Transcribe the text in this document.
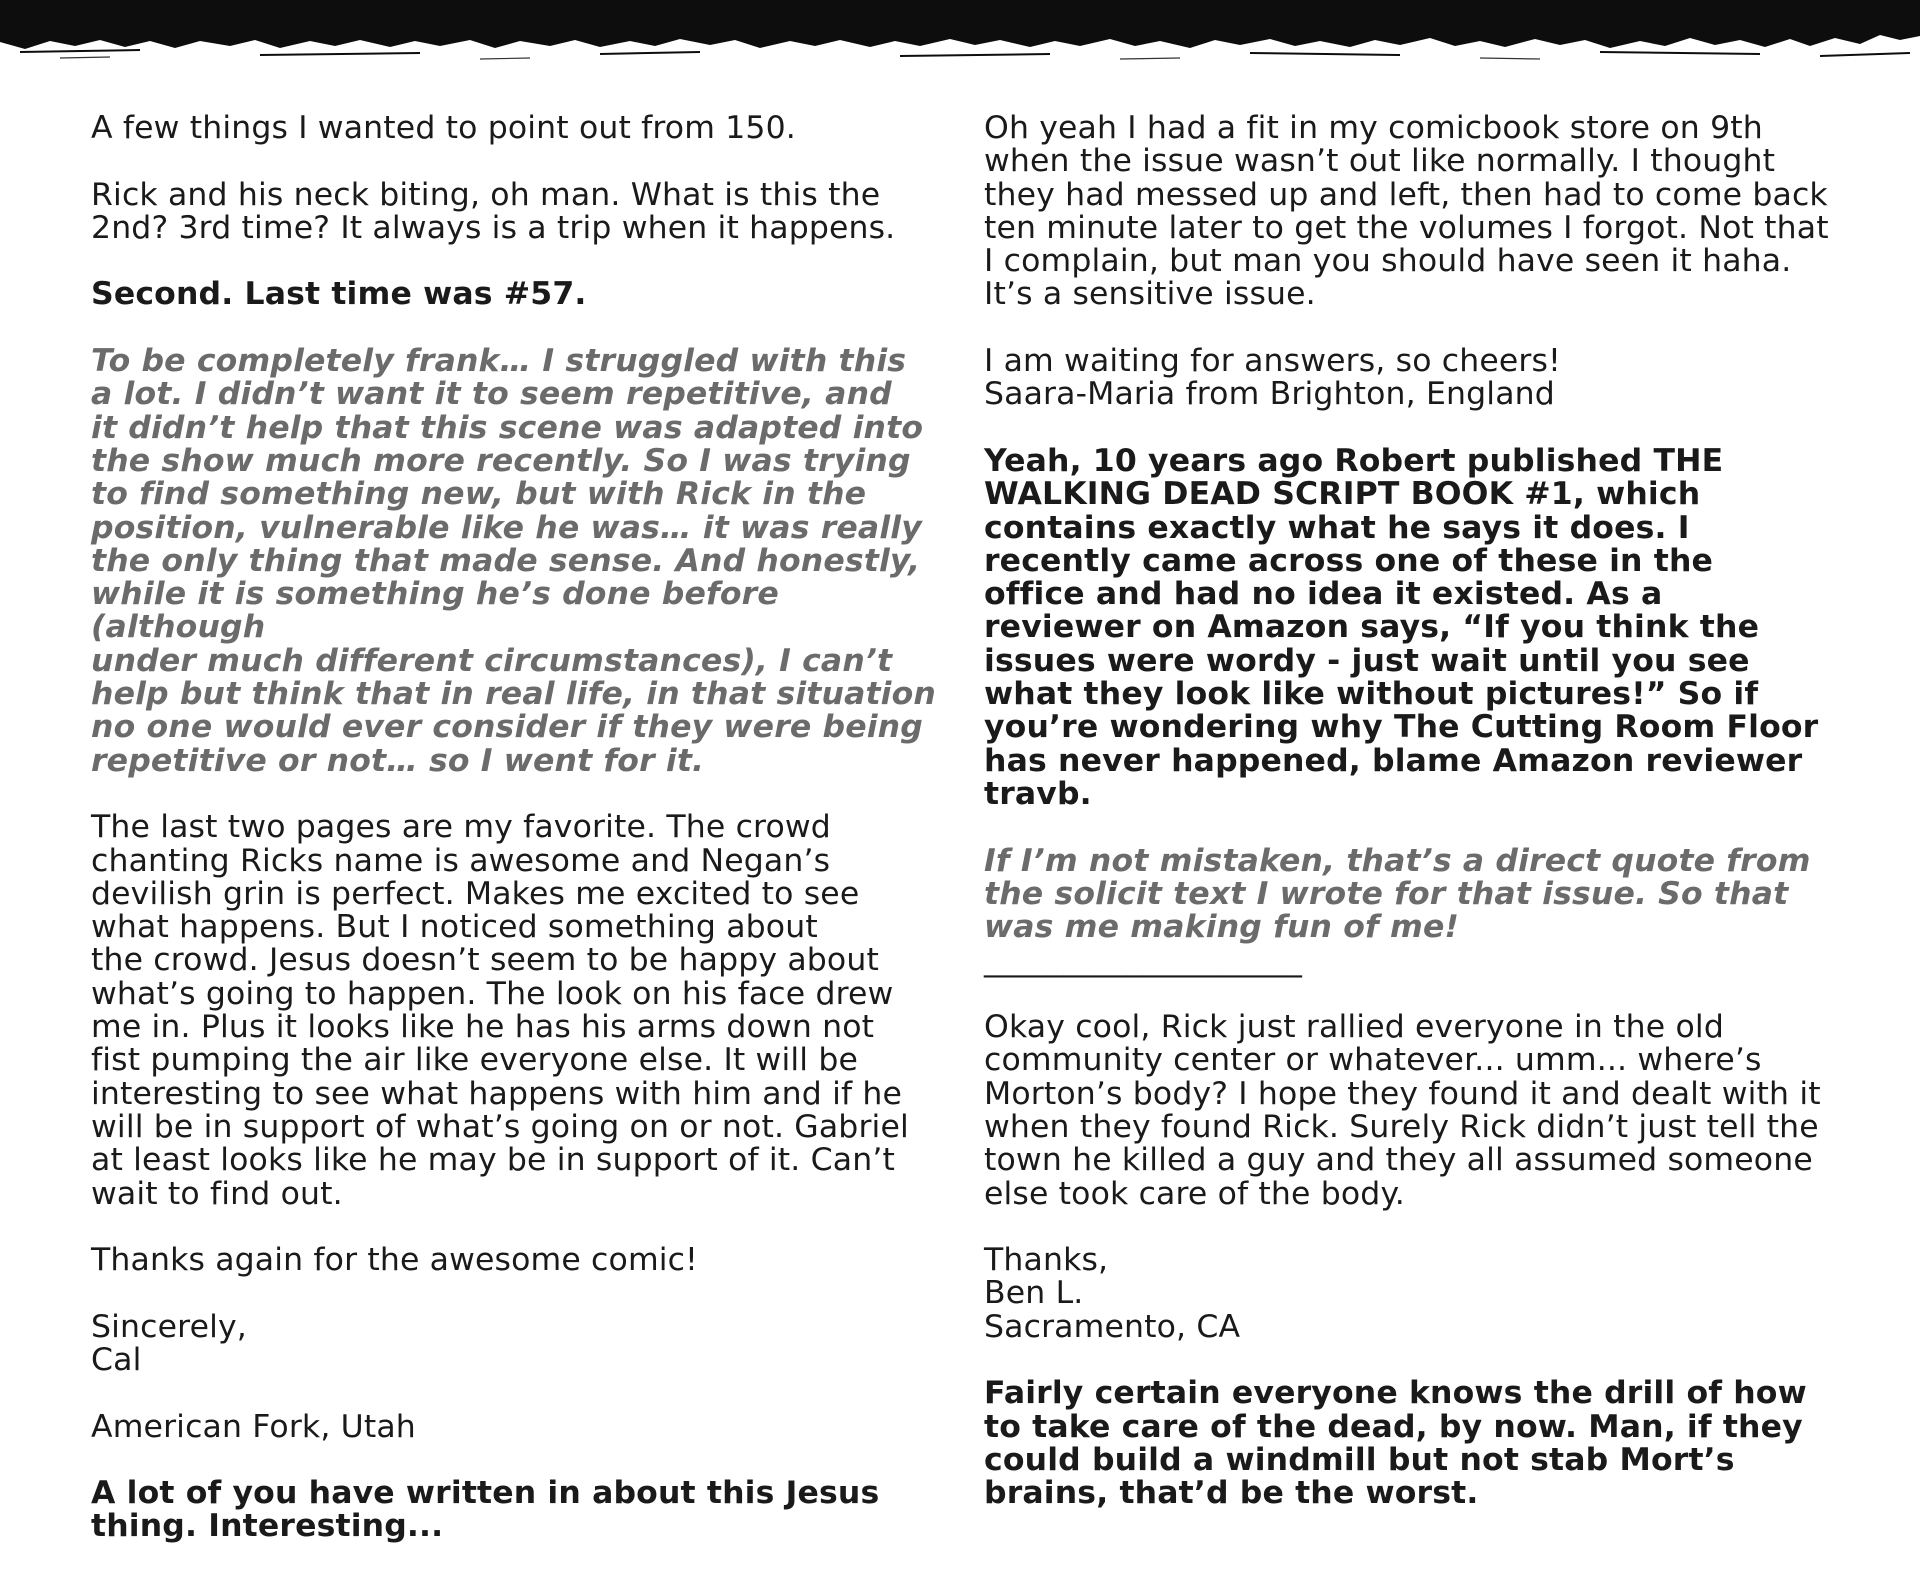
A few things I wanted to point out from 150.

Rick and his neck biting, oh man. What is this the
2nd? 3rd time? It always is a trip when it happens.

Second. Last time was #57.

To be completely frank… I struggled with this
a lot. I didn’t want it to seem repetitive, and
it didn’t help that this scene was adapted into
the show much more recently. So I was trying
to find something new, but with Rick in the
position, vulnerable like he was… it was really
the only thing that made sense. And honestly,
while it is something he’s done before (although
under much different circumstances), I can’t
help but think that in real life, in that situation
no one would ever consider if they were being
repetitive or not… so I went for it.

The last two pages are my favorite. The crowd
chanting Ricks name is awesome and Negan’s
devilish grin is perfect. Makes me excited to see
what happens. But I noticed something about
the crowd. Jesus doesn’t seem to be happy about
what’s going to happen. The look on his face drew
me in. Plus it looks like he has his arms down not
fist pumping the air like everyone else. It will be
interesting to see what happens with him and if he
will be in support of what’s going on or not. Gabriel
at least looks like he may be in support of it. Can’t
wait to find out.

Thanks again for the awesome comic!

Sincerely,
Cal

American Fork, Utah

A lot of you have written in about this Jesus
thing. Interesting...

Oh yeah I had a fit in my comicbook store on 9th
when the issue wasn’t out like normally. I thought
they had messed up and left, then had to come back
ten minute later to get the volumes I forgot. Not that
I complain, but man you should have seen it haha.
It’s a sensitive issue.

I am waiting for answers, so cheers!
Saara-Maria from Brighton, England

Yeah, 10 years ago Robert published THE
WALKING DEAD SCRIPT BOOK #1, which
contains exactly what he says it does. I
recently came across one of these in the
office and had no idea it existed. As a
reviewer on Amazon says, “If you think the
issues were wordy - just wait until you see
what they look like without pictures!” So if
you’re wondering why The Cutting Room Floor
has never happened, blame Amazon reviewer
travb.

If I’m not mistaken, that’s a direct quote from
the solicit text I wrote for that issue. So that
was me making fun of me!

____________________

Okay cool, Rick just rallied everyone in the old
community center or whatever... umm... where’s
Morton’s body? I hope they found it and dealt with it
when they found Rick. Surely Rick didn’t just tell the
town he killed a guy and they all assumed someone
else took care of the body.

Thanks,
Ben L.
Sacramento, CA

Fairly certain everyone knows the drill of how
to take care of the dead, by now. Man, if they
could build a windmill but not stab Mort’s
brains, that’d be the worst.
